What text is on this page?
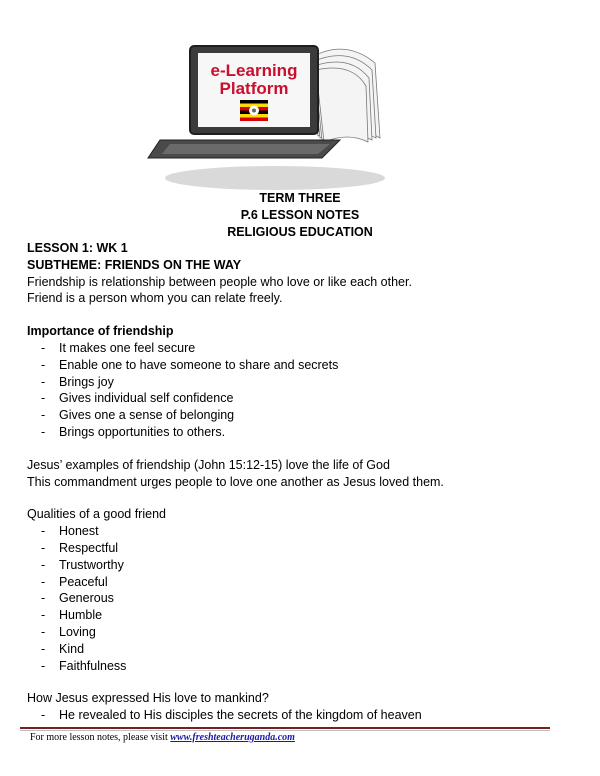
e-Learning
Platform
TERM THREE
P.6 LESSON NOTES
RELIGIOUS EDUCATION
LESSON 1: WK 1
SUBTHEME: FRIENDS ON THE WAY
Friendship is relationship between people who love or like each other.
Friend is a person whom you can relate freely.
Importance of friendship
- It makes one feel secure
- Enable one to have someone to share and secrets
- Brings joy
- Gives individual self confidence
- Gives one a sense of belonging
- Brings opportunities to others.
Jesus’ examples of friendship (John 15:12-15) love the life of God
This commandment urges people to love one another as Jesus loved them.
Qualities of a good friend
- Honest
- Respectful
- Trustworthy
- Peaceful
- Generous
- Humble
- Loving
- Kind
- Faithfulness
How Jesus expressed His love to mankind?
- He revealed to His disciples the secrets of the kingdom of heaven
For more lesson notes, please visit www.freshteacheruganda.com
